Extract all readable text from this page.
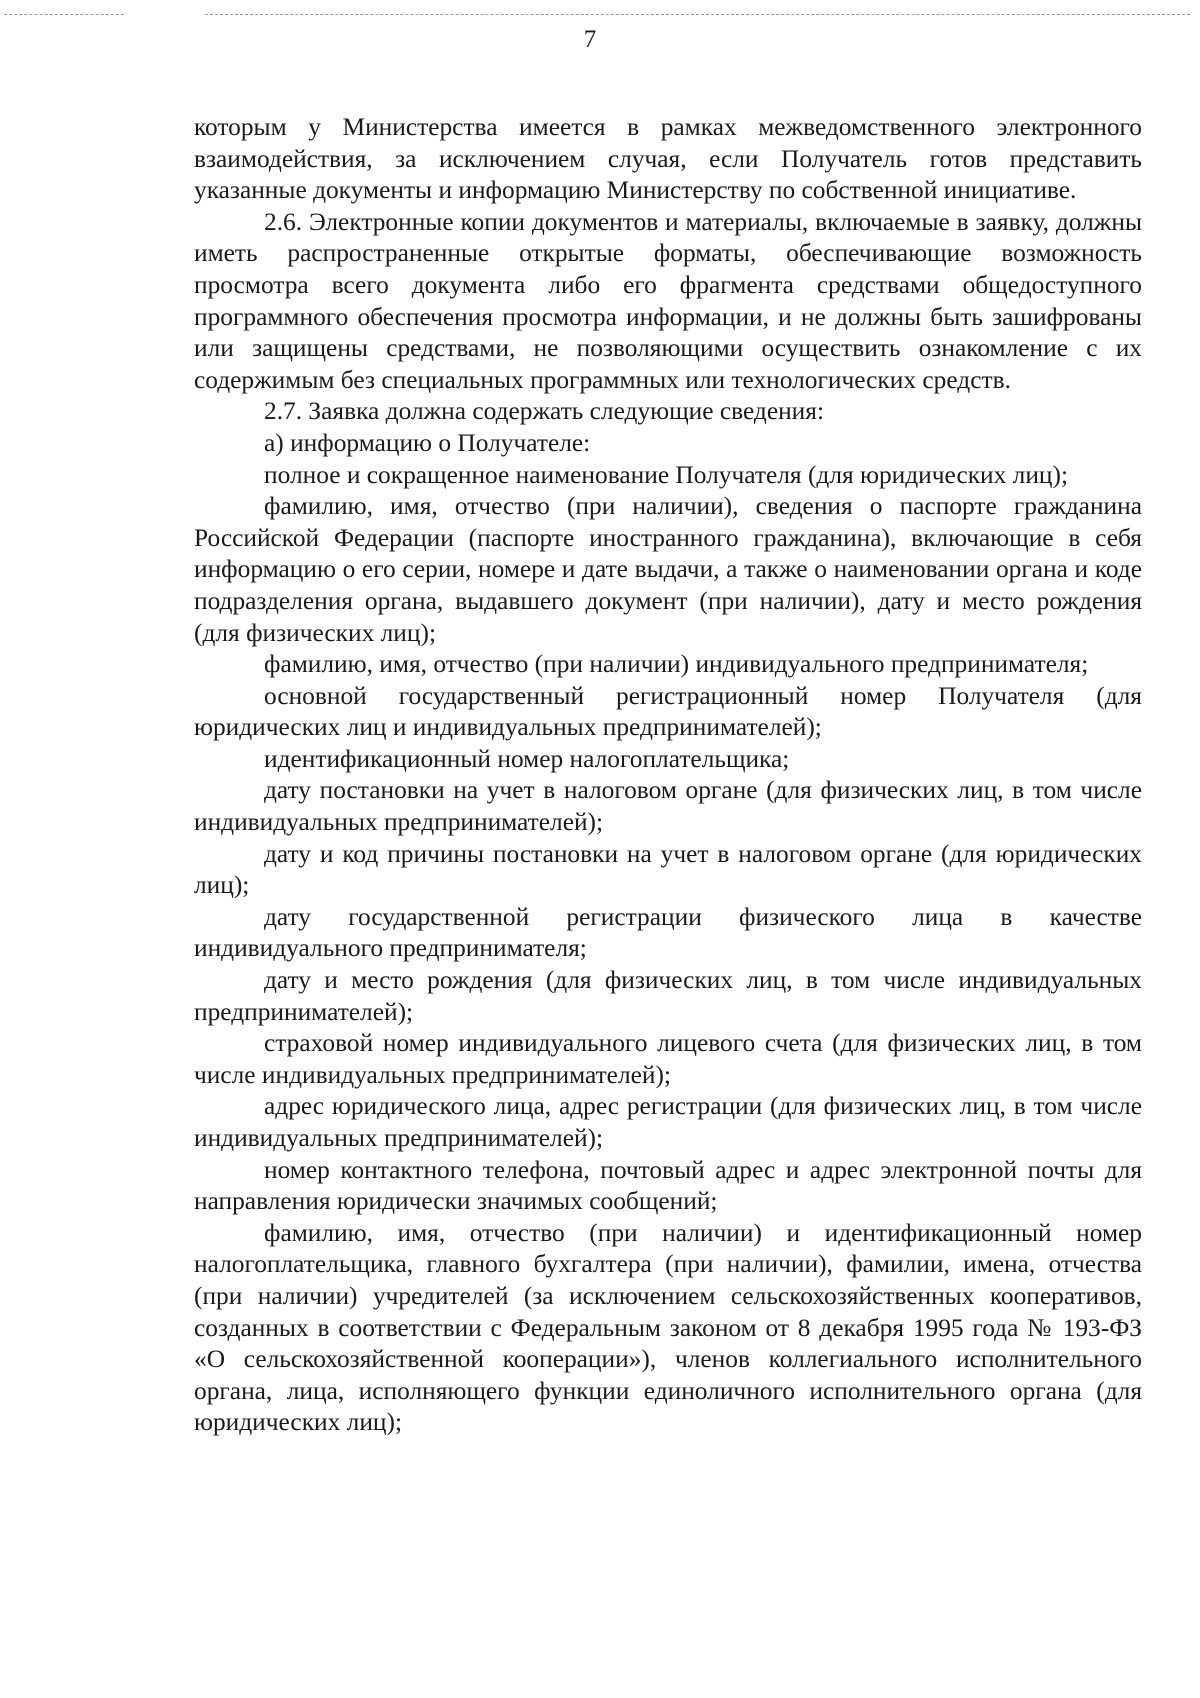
7

которым у Министерства имеется в рамках межведомственного электронного взаимодействия, за исключением случая, если Получатель готов представить указанные документы и информацию Министерству по собственной инициативе.

2.6. Электронные копии документов и материалы, включаемые в заявку, должны иметь распространенные открытые форматы, обеспечивающие возможность просмотра всего документа либо его фрагмента средствами общедоступного программного обеспечения просмотра информации, и не должны быть зашифрованы или защищены средствами, не позволяющими осуществить ознакомление с их содержимым без специальных программных или технологических средств.

2.7. Заявка должна содержать следующие сведения:

а) информацию о Получателе:

полное и сокращенное наименование Получателя (для юридических лиц);

фамилию, имя, отчество (при наличии), сведения о паспорте гражданина Российской Федерации (паспорте иностранного гражданина), включающие в себя информацию о его серии, номере и дате выдачи, а также о наименовании органа и коде подразделения органа, выдавшего документ (при наличии), дату и место рождения (для физических лиц);

фамилию, имя, отчество (при наличии) индивидуального предпринимателя;

основной государственный регистрационный номер Получателя (для юридических лиц и индивидуальных предпринимателей);

идентификационный номер налогоплательщика;

дату постановки на учет в налоговом органе (для физических лиц, в том числе индивидуальных предпринимателей);

дату и код причины постановки на учет в налоговом органе (для юридических лиц);

дату государственной регистрации физического лица в качестве индивидуального предпринимателя;

дату и место рождения (для физических лиц, в том числе индивидуальных предпринимателей);

страховой номер индивидуального лицевого счета (для физических лиц, в том числе индивидуальных предпринимателей);

адрес юридического лица, адрес регистрации (для физических лиц, в том числе индивидуальных предпринимателей);

номер контактного телефона, почтовый адрес и адрес электронной почты для направления юридически значимых сообщений;

фамилию, имя, отчество (при наличии) и идентификационный номер налогоплательщика, главного бухгалтера (при наличии), фамилии, имена, отчества (при наличии) учредителей (за исключением сельскохозяйственных кооперативов, созданных в соответствии с Федеральным законом от 8 декабря 1995 года № 193-ФЗ «О сельскохозяйственной кооперации»), членов коллегиального исполнительного органа, лица, исполняющего функции единоличного исполнительного органа (для юридических лиц);
